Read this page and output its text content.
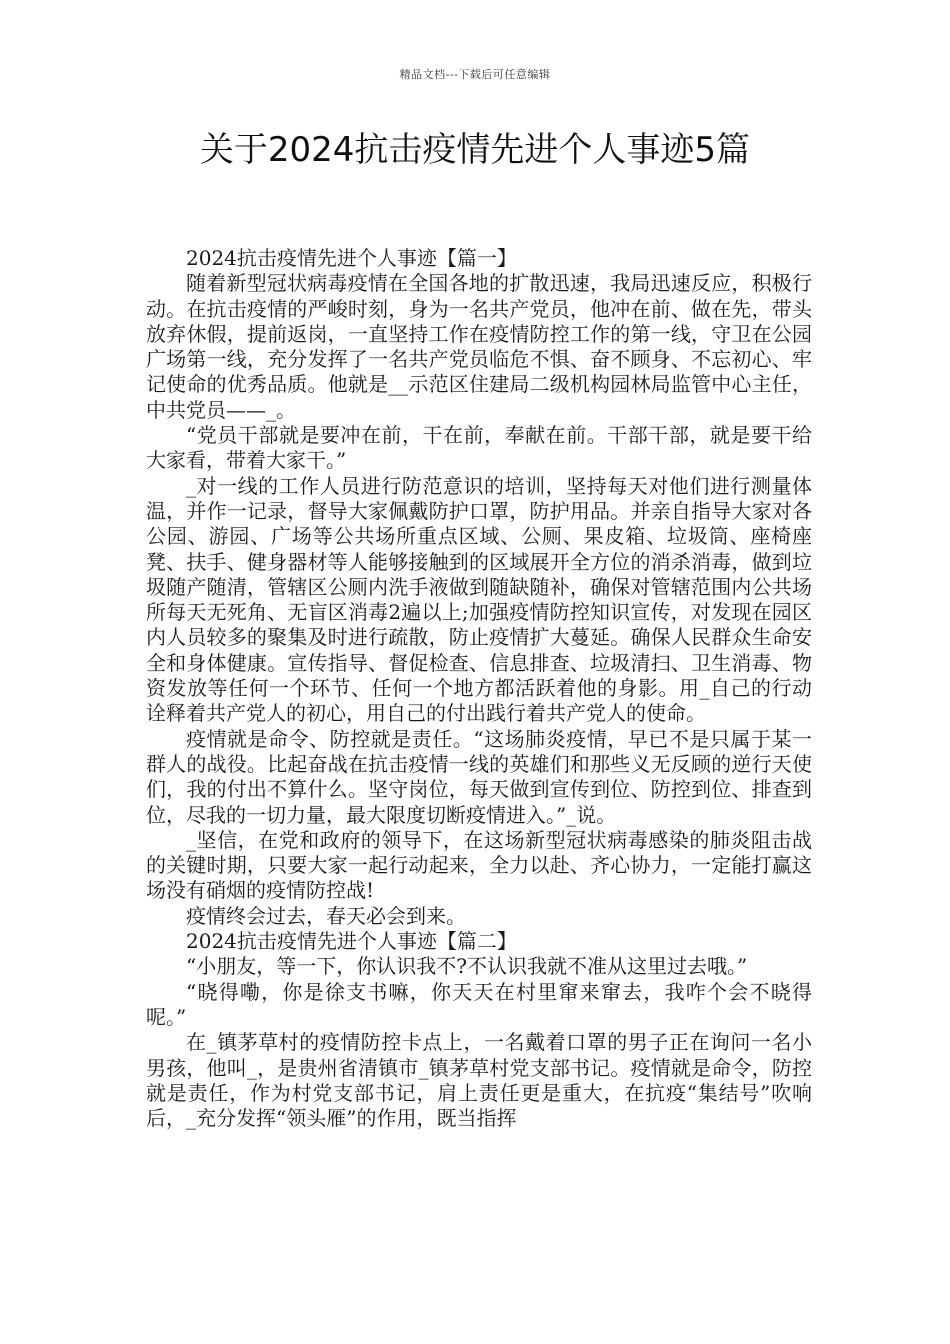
精品文档---下载后可任意编辑
关于2024抗击疫情先进个人事迹5篇

2024抗击疫情先进个人事迹【篇一】

随着新型冠状病毒疫情在全国各地的扩散迅速，我局迅速反应，积极行动。在抗击疫情的严峻时刻，身为一名共产党员，他冲在前、做在先，带头放弃休假，提前返岗，一直坚持工作在疫情防控工作的第一线，守卫在公园广场第一线，充分发挥了一名共产党员临危不惧、奋不顾身、不忘初心、牢记使命的优秀品质。他就是__示范区住建局二级机构园林局监管中心主任，中共党员——_。

“党员干部就是要冲在前，干在前，奉献在前。干部干部，就是要干给大家看，带着大家干。”

_对一线的工作人员进行防范意识的培训，坚持每天对他们进行测量体温，并作一记录，督导大家佩戴防护口罩，防护用品。并亲自指导大家对各公园、游园、广场等公共场所重点区域、公厕、果皮箱、垃圾筒、座椅座凳、扶手、健身器材等人能够接触到的区域展开全方位的消杀消毒，做到垃圾随产随清，管辖区公厕内洗手液做到随缺随补，确保对管辖范围内公共场所每天无死角、无盲区消毒2遍以上;加强疫情防控知识宣传，对发现在园区内人员较多的聚集及时进行疏散，防止疫情扩大蔓延。确保人民群众生命安全和身体健康。宣传指导、督促检查、信息排查、垃圾清扫、卫生消毒、物资发放等任何一个环节、任何一个地方都活跃着他的身影。用_自己的行动诠释着共产党人的初心，用自己的付出践行着共产党人的使命。

疫情就是命令、防控就是责任。“这场肺炎疫情，早已不是只属于某一群人的战役。比起奋战在抗击疫情一线的英雄们和那些义无反顾的逆行天使们，我的付出不算什么。坚守岗位，每天做到宣传到位、防控到位、排查到位，尽我的一切力量，最大限度切断疫情进入。”_说。

_坚信，在党和政府的领导下，在这场新型冠状病毒感染的肺炎阻击战的关键时期，只要大家一起行动起来，全力以赴、齐心协力，一定能打赢这场没有硝烟的疫情防控战!

疫情终会过去，春天必会到来。

2024抗击疫情先进个人事迹【篇二】

“小朋友，等一下，你认识我不?不认识我就不准从这里过去哦。”

“晓得嘞，你是徐支书嘛，你天天在村里窜来窜去，我咋个会不晓得呢。”

在_镇茅草村的疫情防控卡点上，一名戴着口罩的男子正在询问一名小男孩，他叫_，是贵州省清镇市_镇茅草村党支部书记。疫情就是命令，防控就是责任，作为村党支部书记，肩上责任更是重大，在抗疫“集结号”吹响后，_充分发挥“领头雁”的作用，既当指挥
